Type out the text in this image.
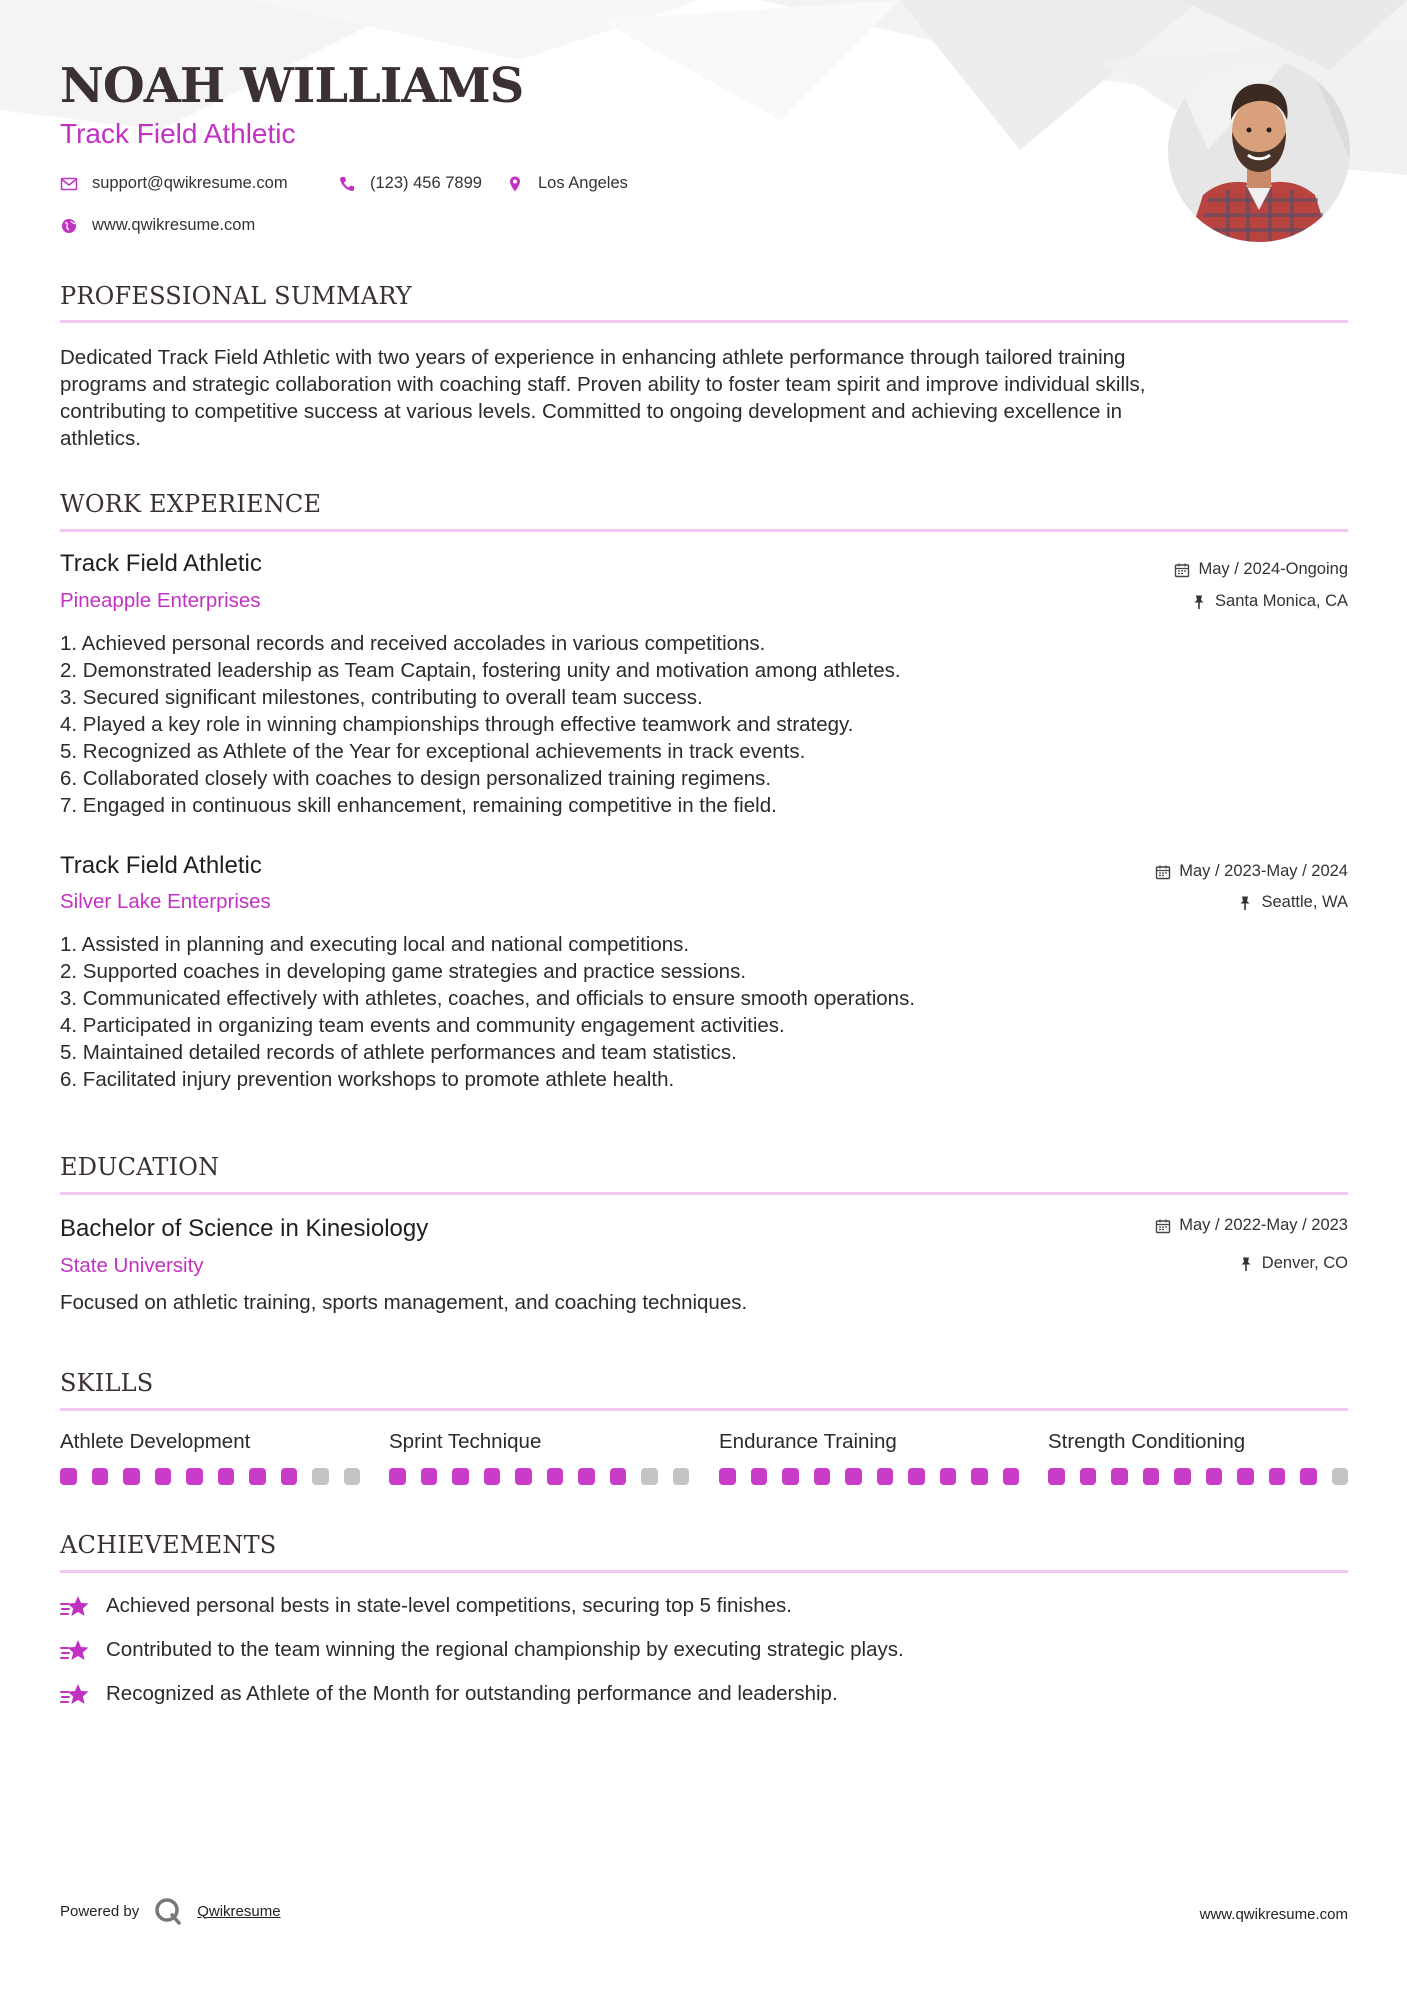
NOAH WILLIAMS
Track Field Athletic
support@qwikresume.com	(123) 456 7899	Los Angeles
www.qwikresume.com
PROFESSIONAL SUMMARY
Dedicated Track Field Athletic with two years of experience in enhancing athlete performance through tailored training
programs and strategic collaboration with coaching staff. Proven ability to foster team spirit and improve individual skills,
contributing to competitive success at various levels. Committed to ongoing development and achieving excellence in
athletics.
WORK EXPERIENCE
Track Field Athletic
Pineapple Enterprises
May / 2024-Ongoing
Santa Monica, CA
1. Achieved personal records and received accolades in various competitions.
2. Demonstrated leadership as Team Captain, fostering unity and motivation among athletes.
3. Secured significant milestones, contributing to overall team success.
4. Played a key role in winning championships through effective teamwork and strategy.
5. Recognized as Athlete of the Year for exceptional achievements in track events.
6. Collaborated closely with coaches to design personalized training regimens.
7. Engaged in continuous skill enhancement, remaining competitive in the field.
Track Field Athletic
Silver Lake Enterprises
May / 2023-May / 2024
Seattle, WA
1. Assisted in planning and executing local and national competitions.
2. Supported coaches in developing game strategies and practice sessions.
3. Communicated effectively with athletes, coaches, and officials to ensure smooth operations.
4. Participated in organizing team events and community engagement activities.
5. Maintained detailed records of athlete performances and team statistics.
6. Facilitated injury prevention workshops to promote athlete health.
EDUCATION
Bachelor of Science in Kinesiology
State University
May / 2022-May / 2023
Denver, CO
Focused on athletic training, sports management, and coaching techniques.
SKILLS
Athlete Development	Sprint Technique	Endurance Training	Strength Conditioning
ACHIEVEMENTS
Achieved personal bests in state-level competitions, securing top 5 finishes.
Contributed to the team winning the regional championship by executing strategic plays.
Recognized as Athlete of the Month for outstanding performance and leadership.
Powered by	Qwikresume	www.qwikresume.com
